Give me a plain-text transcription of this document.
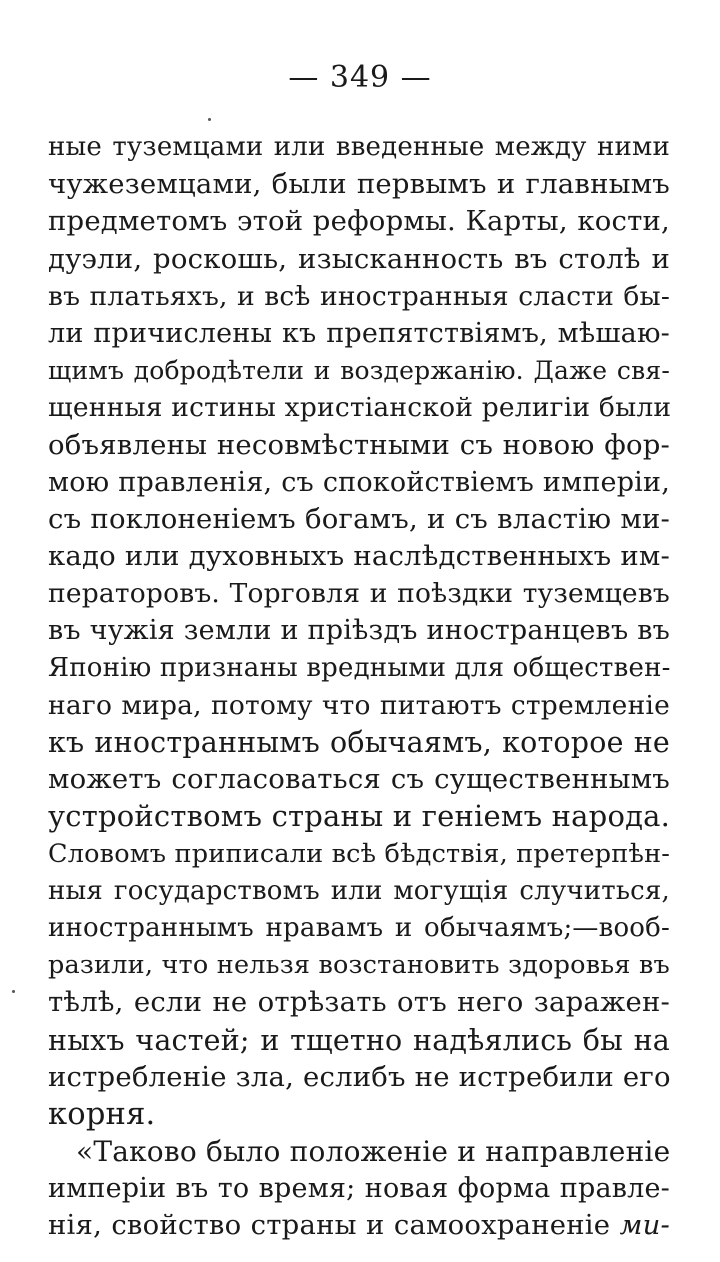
— 349 —
ные туземцами или введенные между ними
чужеземцами, были первымъ и главнымъ
предметомъ этой реформы. Карты, кости,
дуэли, роскошь, изысканность въ столѣ и
въ платьяхъ, и всѣ иностранныя сласти бы-
ли причислены къ препятствіямъ, мѣшаю-
щимъ добродѣтели и воздержанію. Даже свя-
щенныя истины христіанской религіи были
объявлены несовмѣстными съ новою фор-
мою правленія, съ спокойствіемъ имперіи,
съ поклоненіемъ богамъ, и съ властію ми-
кадо или духовныхъ наслѣдственныхъ им-
ператоровъ. Торговля и поѣздки туземцевъ
въ чужія земли и пріѣздъ иностранцевъ въ
Японію признаны вредными для обществен-
наго мира, потому что питаютъ стремленіе
къ иностраннымъ обычаямъ, которое не
можетъ согласоваться съ существеннымъ
устройствомъ страны и геніемъ народа.
Словомъ приписали всѣ бѣдствія, претерпѣн-
ныя государствомъ или могущія случиться,
иностраннымъ нравамъ и обычаямъ;—вооб-
разили, что нельзя возстановить здоровья въ
тѣлѣ, если не отрѣзать отъ него заражен-
ныхъ частей; и тщетно надѣялись бы на
истребленіе зла, еслибъ не истребили его
корня.
«Таково было положеніе и направленіе
имперіи въ то время; новая форма правле-
нія, свойство страны и самоохраненіе ми-
